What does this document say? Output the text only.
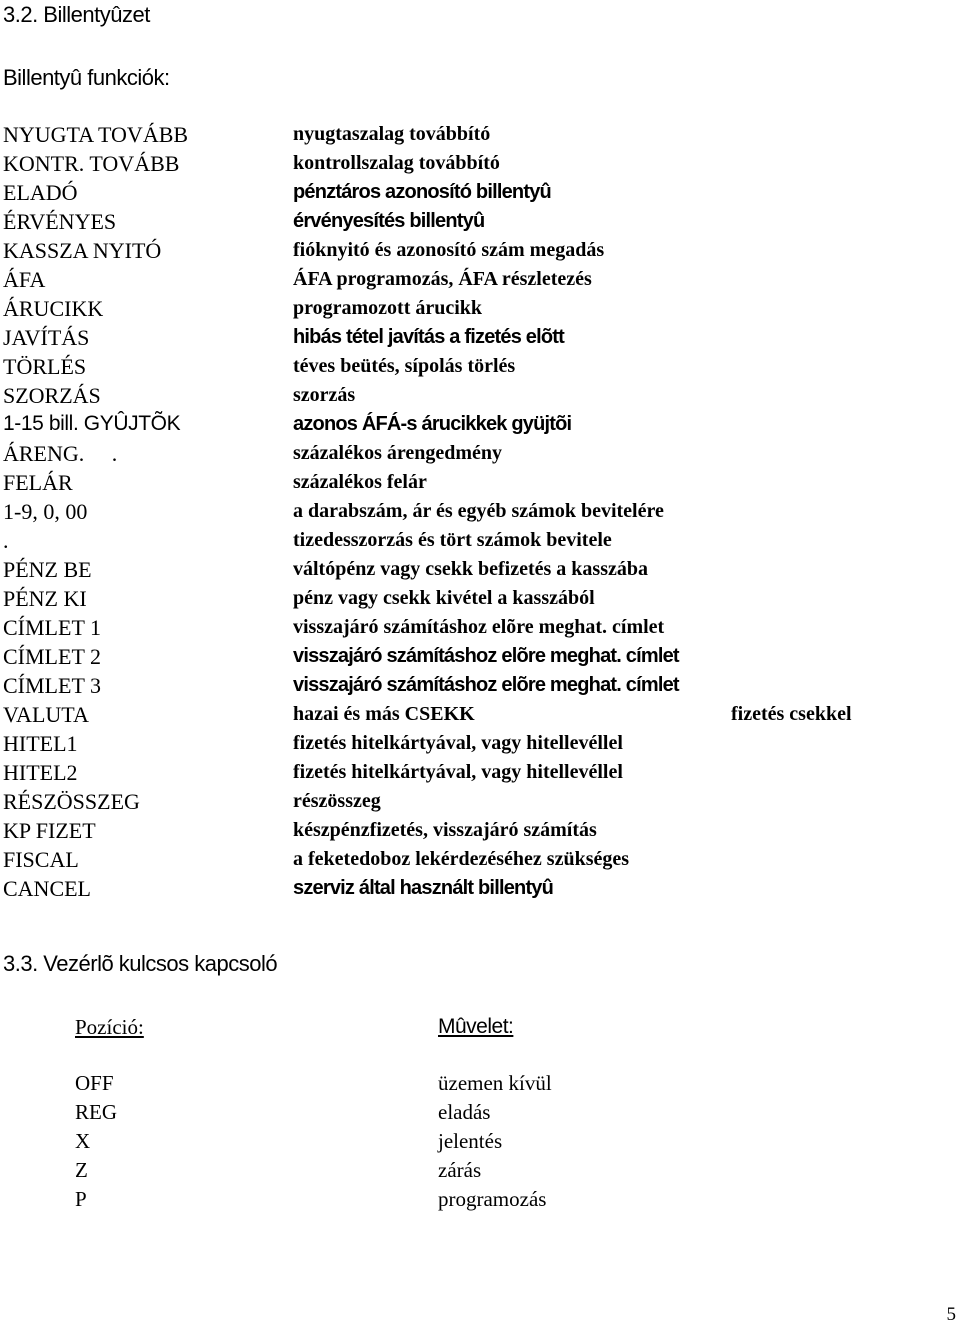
3.2. Billentyûzet
Billentyû funkciók:
NYUGTA TOVÁBB	nyugtaszalag továbbító
KONTR. TOVÁBB	kontrollszalag továbbító
ELADÓ	pénztáros azonosító billentyû
ÉRVÉNYES	érvényesítés billentyû
KASSZA NYITÓ	fióknyitó és azonosító szám megadás
ÁFA	ÁFA programozás, ÁFA részletezés
ÁRUCIKK	programozott árucikk
JAVÍTÁS	hibás tétel javítás a fizetés elõtt
TÖRLÉS	téves beütés, sípolás törlés
SZORZÁS	szorzás
1-15 bill. GYÛJTÕK	azonos ÁFÁ-s árucikkek gyüjtõi
ÁRENG.     .	százalékos árengedmény
FELÁR	százalékos felár
1-9, 0, 00	a darabszám, ár és egyéb számok bevitelére
.	tizedesszorzás és tört számok bevitele
PÉNZ BE	váltópénz vagy csekk befizetés a kasszába
PÉNZ KI	pénz vagy csekk kivétel a kasszából
CÍMLET 1	visszajáró számításhoz elõre meghat. címlet
CÍMLET 2	visszajáró számításhoz elõre meghat. címlet
CÍMLET 3	visszajáró számításhoz elõre meghat. címlet
VALUTA	hazai és más CSEKK	fizetés csekkel
HITEL1	fizetés hitelkártyával, vagy hitellevéllel
HITEL2	fizetés hitelkártyával, vagy hitellevéllel
RÉSZÖSSZEG	részösszeg
KP FIZET	készpénzfizetés, visszajáró számítás
FISCAL	a feketedoboz lekérdezéséhez szükséges
CANCEL	szerviz által használt billentyû
3.3. Vezérlõ kulcsos kapcsoló
Pozíció:	Mûvelet:
OFF	üzemen kívül
REG	eladás
X	jelentés
Z	zárás
P	programozás
5
